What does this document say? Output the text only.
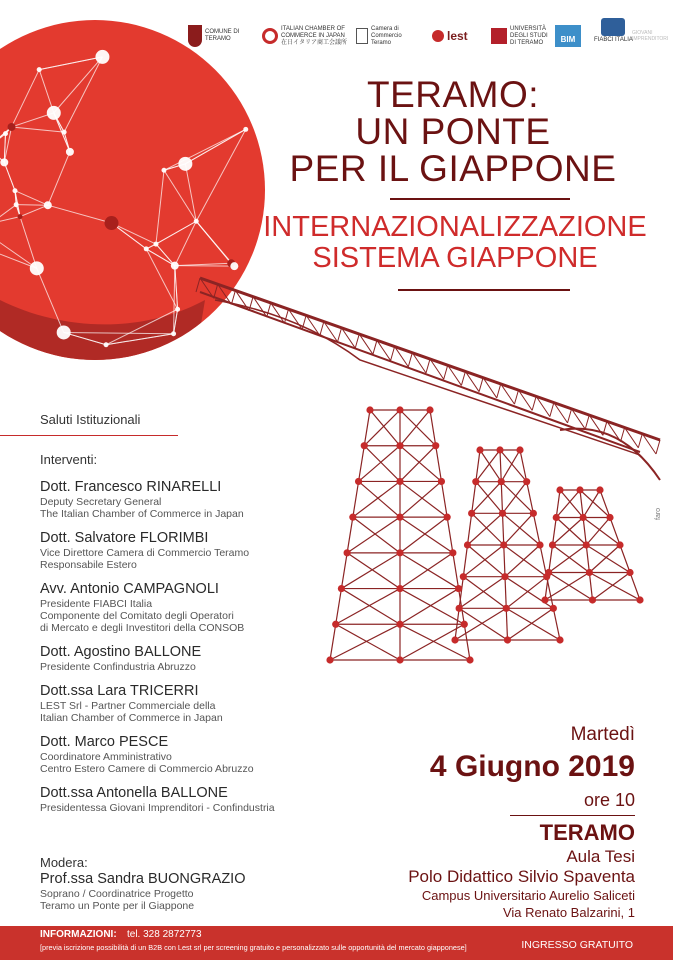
COMUNE DI TERAMO
ITALIAN CHAMBER OF COMMERCE IN JAPAN 在日イタリア商工会議所
Camera di Commercio Teramo	lest	UNIVERSITÀ DEGLI STUDI DI TERAMO	BIM	FIABCI ITALIA
GIOVANI IMPRENDITORI
TERAMO:
UN PONTE
PER IL GIAPPONE
INTERNAZIONALIZZAZIONE
SISTEMA GIAPPONE
Saluti Istituzionali
Interventi:
Dott. Francesco RINARELLI
Deputy Secretary General
The Italian Chamber of Commerce in Japan
Dott. Salvatore FLORIMBI
Vice Direttore Camera di Commercio Teramo
Responsabile Estero
Avv. Antonio CAMPAGNOLI
Presidente FIABCI Italia
Componente del Comitato degli Operatori
di Mercato e degli Investitori della CONSOB
Dott. Agostino BALLONE
Presidente Confindustria Abruzzo
Dott.ssa Lara TRICERRI
LEST Srl - Partner Commerciale della
Italian Chamber of Commerce in Japan
Dott. Marco PESCE
Coordinatore Amministrativo
Centro Estero Camere di Commercio Abruzzo
Dott.ssa Antonella BALLONE
Presidentessa Giovani Imprenditori - Confindustria
Modera:
Prof.ssa Sandra BUONGRAZIO
Soprano / Coordinatrice Progetto
Teramo un Ponte per il Giappone
Martedì
4 Giugno 2019
ore 10
TERAMO
Aula Tesi
Polo Didattico Silvio Spaventa
Campus Universitario Aurelio Saliceti
Via Renato Balzarini, 1
faro
INFORMAZIONI: tel. 328 2872773
[previa iscrizione possibilità di un B2B con Lest srl per screening gratuito e personalizzato sulle opportunità del mercato giapponese]	INGRESSO GRATUITO
